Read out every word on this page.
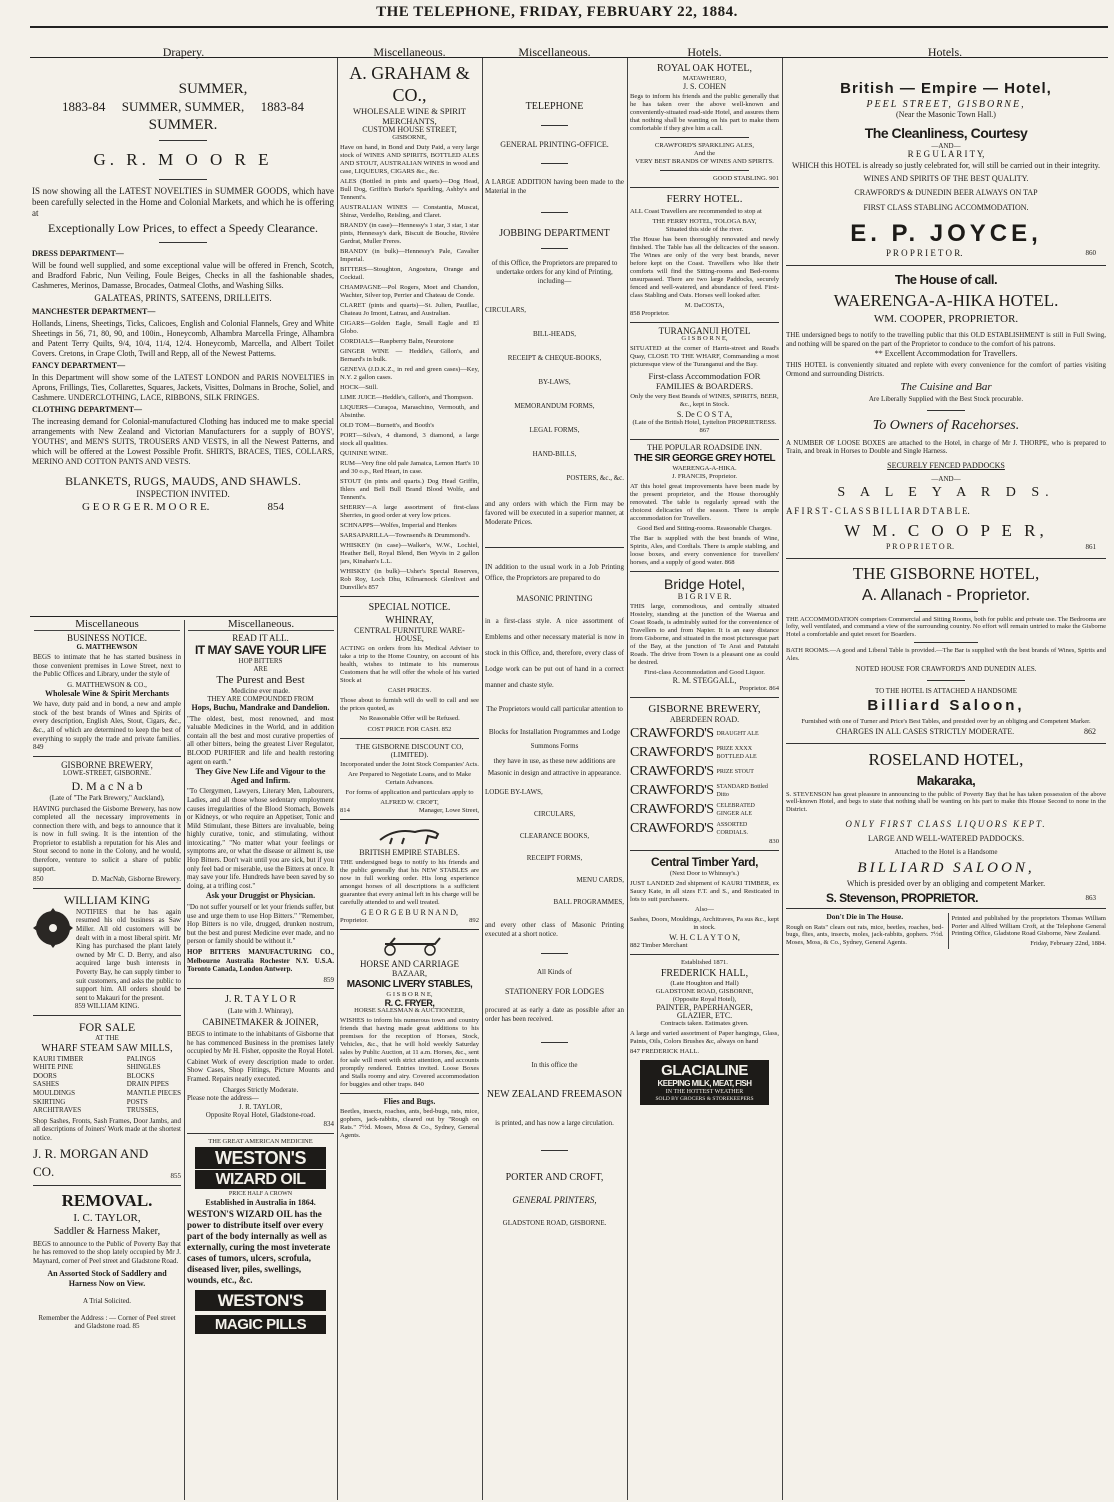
THE TELEPHONE, FRIDAY, FEBRUARY 22, 1884.
Drapery.	Miscellaneous.	Miscellaneous.	Hotels.	Hotels.
SUMMER,
1883-84 SUMMER, SUMMER, 1883-84
SUMMER.
G. R. M O O R E

IS now showing all the LATEST NOVELTIES in SUMMER GOODS, which have been carefully selected in the Home and Colonial Markets, and which he is offering at

Exceptionally Low Prices, to effect a Speedy Clearance.
DRESS DEPARTMENT—

Will be found well supplied, and some exceptional value will be offered in French, Scotch, and Bradford Fabric, Nun Veiling, Foule Beiges, Checks in all the fashionable shades, Cashmeres, Merinos, Damasse, Brocades, Oatmeal Cloths, and Washing Silks.

GALATEAS, PRINTS, SATEENS, DRILLEITS.
MANCHESTER DEPARTMENT—

Hollands, Linens, Sheetings, Ticks, Calicoes, English and Colonial Flannels, Grey and White Sheetings in 56, 71, 80, 90, and 100in., Honeycomb, Alhambra Marcella Fringe, Alhambra and Patent Terry Quilts, 9/4, 10/4, 11/4, 12/4. Honeycomb, Marcella, and Albert Toilet Covers. Cretons, in Crape Cloth, Twill and Repp, all of the Newest Patterns.

FANCY DEPARTMENT—

In this Department will show some of the LATEST LONDON and PARIS NOVELTIES in Aprons, Frillings, Ties, Collarettes, Squares, Jackets, Visittes, Dolmans in Broche, Soliel, and Cashmere. UNDERCLOTHING, LACE, RIBBONS, SILK FRINGES.

CLOTHING DEPARTMENT—

The increasing demand for Colonial-manufactured Clothing has induced me to make special arrangements with New Zealand and Victorian Manufacturers for a supply of BOYS', YOUTHS', and MEN'S SUITS, TROUSERS AND VESTS, in all the Newest Patterns, and which will be offered at the Lowest Possible Profit. SHIRTS, BRACES, TIES, COLLARS, MERINO AND COTTON PANTS AND VESTS.

BLANKETS, RUGS, MAUDS, AND SHAWLS.
INSPECTION INVITED.
G E O R G E R. M O O R E.	854
Miscellaneous	Miscellaneous.
BUSINESS NOTICE.
G. MATTHEWSON

BEGS to intimate that he has started business in those convenient premises in Lowe Street, next to the Public Offices and Library, under the style of

G. MATTHEWSON & CO.,
Wholesale Wine & Spirit Merchants

We have, duty paid and in bond, a new and ample stock of the best brands of Wines and Spirits of every description, English Ales, Stout, Cigars, &c., &c., all of which are determined to keep the best of everything to supply the trade and private families. 849

GISBORNE BREWERY,
LOWE-STREET, GISBORNE.
D. M a c N a b
(Late of "The Park Brewery," Auckland),

HAVING purchased the Gisborne Brewery, has now completed all the necessary improvements in connection there with, and begs to announce that it is now in full swing. It is the intention of the Proprietor to establish a reputation for his Ales and Stout second to none in the Colony, and he would, therefore, venture to solicit a share of public support.

850	D. MacNab, Gisborne Brewery.
WILLIAM KING

NOTIFIES that he has again resumed his old business as Saw Miller. All old customers will be dealt with in a most liberal spirit. Mr King has purchased the plant lately owned by Mr C. D. Berry, and also acquired large bush interests in Poverty Bay, he can supply timber to suit customers, and asks the public to support him. All orders should be sent to Makauri for the present.

859 WILLIAM KING.
FOR SALE
AT THE
WHARF STEAM SAW MILLS,
KAURI TIMBER
WHITE PINE
DOORS
SASHES
MOULDINGS
SKIRTING
ARCHITRAVES
PALINGS
SHINGLES
BLOCKS
DRAIN PIPES
MANTLE PIECES
POSTS
TRUSSES,

Shop Sashes, Fronts, Sash Frames, Door Jambs, and all descriptions of Joiners' Work made at the shortest notice.

J. R. MORGAN AND CO.	855
REMOVAL.
I. C. TAYLOR,
Saddler & Harness Maker,

BEGS to announce to the Public of Poverty Bay that he has removed to the shop lately occupied by Mr J. Maynard, corner of Peel street and Gladstone Road.

An Assorted Stock of Saddlery and Harness Now on View.
A Trial Solicited.

Remember the Address : — Corner of Peel street and Gladstone road. 85

READ IT ALL.
IT MAY SAVE YOUR LIFE
HOP BITTERS
ARE
The Purest and Best
Medicine ever made.
THEY ARE COMPOUNDED FROM
Hops, Buchu, Mandrake and Dandelion.

"The oldest, best, most renowned, and most valuable Medicines in the World, and in addition contain all the best and most curative properties of all other bitters, being the greatest Liver Regulator, BLOOD PURIFIER and life and health restoring agent on earth."

They Give New Life and Vigour to the Aged and Infirm.

"To Clergymen, Lawyers, Literary Men, Labourers, Ladies, and all those whose sedentary employment causes irregularities of the Blood Stomach, Bowels or Kidneys, or who require an Appetiser, Tonic and Mild Stimulant, these Bitters are invaluable, being highly curative, tonic, and stimulating, without intoxicating." "No matter what your feelings or symptoms are, or what the disease or ailment is, use Hop Bitters. Don't wait until you are sick, but if you only feel bad or miserable, use the Bitters at once. It may save your life. Hundreds have been saved by so doing, at a trifling cost."

Ask your Druggist or Physician.

"Do not suffer yourself or let your friends suffer, but use and urge them to use Hop Bitters." "Remember, Hop Bitters is no vile, drugged, drunken nostrum, but the best and purest Medicine ever made, and no person or family should be without it."

HOP BITTERS MANUFACTURING CO., Melbourne Australia Rochester N.Y. U.S.A. Toronto Canada, London Antwerp.

859
J. R. T A Y L O R
(Late with J. Whinray),
CABINETMAKER & JOINER,

BEGS to intimate to the inhabitants of Gisborne that he has commenced Business in the premises lately occupied by Mr H. Fisher, opposite the Royal Hotel.

Cabinet Work of every description made to order. Show Cases, Shop Fittings, Picture Mounts and Framed. Repairs neatly executed.

Charges Strictly Moderate.
Please note the address—
J. R. TAYLOR,
Opposite Royal Hotel, Gladstone-road.
834
THE GREAT AMERICAN MEDICINE
WESTON'S
WIZARD OIL
PRICE HALF A CROWN
Established in Australia in 1864.

WESTON'S WIZARD OIL has the power to distribute itself over every part of the body internally as well as externally, curing the most inveterate cases of tumors, ulcers, scrofula, diseased liver, piles, swellings, wounds, etc., &c.

WESTON'S
MAGIC PILLS
A. GRAHAM & CO.,
WHOLESALE WINE & SPIRIT MERCHANTS,
CUSTOM HOUSE STREET,
GISBORNE,

Have on hand, in Bond and Duty Paid, a very large stock of WINES AND SPIRITS, BOTTLED ALES AND STOUT, AUSTRALIAN WINES in wood and case, LIQUEURS, CIGARS &c., &c.

ALES (Bottled in pints and quarts)—Dog Head, Bull Dog, Griffin's Burke's Sparkling, Ashby's and Tennent's.

AUSTRALIAN WINES — Constantia, Muscat, Shiraz, Verdelho, Reisling, and Claret.

BRANDY (in case)—Hennessy's 1 star, 3 star, 1 star pints, Hennessy's dark, Biscuit de Bouche, Rivière Gardrat, Muller Freres.

BRANDY (in bulk)—Hennessy's Pale, Cavalier Imperial.

BITTERS—Stoughton, Angostura, Orange and Cocktail.

CHAMPAGNE—Pol Rogers, Moet and Chandon, Wachter, Silver top, Perrier and Chateau de Conde.

CLARET (pints and quarts)—St. Julien, Pauillac, Chateau Jo Imont, Latrau, and Australian.

CIGARS—Golden Eagle, Small Eagle and El Globo.

CORDIALS—Raspberry Balm, Neurotone

GINGER WINE — Heddle's, Gillon's, and Bernard's in bulk.

GENEVA (J.D.K.Z., in red and green cases)—Key, N.Y. 2 gallon cases.

HOCK—Still.

LIME JUICE—Heddle's, Gillon's, and Thompson.

LIQUERS—Curaçoa, Maraschino, Vermouth, and Absinthe.

OLD TOM—Burnett's, and Booth's

PORT—Silva's, 4 diamond, 3 diamond, a large stock all qualities.

QUININE WINE.

RUM—Very fine old pale Jamaica, Lemon Hart's 10 and 30 o.p., Red Heart, in case.

STOUT (in pints and quarts.) Dog Head Griffin, Ihlers and Bell Bull Brand Blood Wolfe, and Tennent's.

SHERRY—A large assortment of first-class Sherries, in good order at very low prices.

SCHNAPPS—Wolfes, Imperial and Henkes

SARSAPARILLA—Townsend's & Drummond's.

WHISKEY (in case)—Walker's, W.W., Lochiel, Heather Bell, Royal Blend, Ben Wyvis in 2 gallon jars, Kinahan's L.L.

WHISKEY (in bulk)—Usher's Special Reserves, Rob Roy, Loch Dhu, Kilmarnock Glenlivet and Dunville's 857

SPECIAL NOTICE.
WHINRAY,
CENTRAL FURNITURE WARE-HOUSE,

ACTING on orders from his Medical Adviser to take a trip to the Home Country, on account of his health, wishes to intimate to his numerous Customers that he will offer the whole of his varied Stock at

CASH PRICES.

Those about to furnish will do well to call and see the prices quoted, as

No Reasonable Offer will be Refused.
COST PRICE FOR CASH. 852

THE GISBORNE DISCOUNT CO, (LIMITED).

Incorporated under the Joint Stock Companies' Acts.

Are Prepared to Negotiate Loans, and to Make Certain Advances.

For forms of application and particulars apply to

ALFRED W. CROFT,
814	Manager, Lowe Street,
BRITISH EMPIRE STABLES.

THE undersigned begs to notify to his friends and the public generally that his NEW STABLES are now in full working order. His long experience amongst horses of all descriptions is a sufficient guarantee that every animal left in his charge will be carefully attended to and well treated.

G E O R G E B U R N A N D,
Proprietor.	892
HORSE AND CARRIAGE
BAZAAR,
MASONIC LIVERY STABLES,
G I S B O R N E,
R. C. FRYER,
HORSE SALESMAN & AUCTIONEER,

WISHES to inform his numerous town and country friends that having made great additions to his premises for the reception of Horses, Stock, Vehicles, &c., that he will hold weekly Saturday sales by Public Auction, at 11 a.m. Horses, &c., sent for sale will meet with strict attention, and accounts promptly rendered. Entries invited. Loose Boxes and Stalls roomy and airy. Covered accommodation for buggies and other traps. 840

Flies and Bugs.

Beetles, insects, roaches, ants, bed-bugs, rats, mice, gophers, jack-rabbits, cleared out by "Rough on Rats." 7½d. Moses, Moss & Co., Sydney, General Agents.

TELEPHONE
GENERAL PRINTING-OFFICE.

A LARGE ADDITION having been made to the Material in the

JOBBING DEPARTMENT

of this Office, the Proprietors are prepared to undertake orders for any kind of Printing, including—

CIRCULARS,
BILL-HEADS,
RECEIPT & CHEQUE-BOOKS,
BY-LAWS,
MEMORANDUM FORMS,
LEGAL FORMS,
HAND-BILLS,
POSTERS, &c., &c.

and any orders with which the Firm may be favored will be executed in a superior manner, at Moderate Prices.

IN addition to the usual work in a Job Printing Office, the Proprietors are prepared to do

MASONIC PRINTING

in a first-class style. A nice assortment of Emblems and other necessary material is now in stock in this Office, and, therefore, every class of Lodge work can be put out of hand in a correct manner and chaste style.

The Proprietors would call particular attention to

Blocks for Installation Programmes and Lodge Summons Forms

they have in use, as these new additions are Masonic in design and attractive in appearance.

LODGE BY-LAWS,
CIRCULARS,
CLEARANCE BOOKS,
RECEIPT FORMS,
MENU CARDS,
BALL PROGRAMMES,

and every other class of Masonic Printing executed at a short notice.

All Kinds of
STATIONERY FOR LODGES

procured at as early a date as possible after an order has been received.

In this office the
NEW ZEALAND FREEMASON
is printed, and has now a large circulation.
PORTER AND CROFT,
GENERAL PRINTERS,
GLADSTONE ROAD, GISBORNE.
ROYAL OAK HOTEL,
MATAWHERO,
J. S. COHEN

Begs to inform his friends and the public generally that he has taken over the above well-known and conveniently-situated road-side Hotel, and assures them that nothing shall be wanting on his part to make them comfortable if they give him a call.

CRAWFORD'S SPARKLING ALES,
And the
VERY BEST BRANDS OF WINES AND SPIRITS.
GOOD STABLING. 901
FERRY HOTEL.

ALL Coast Travellers are recommended to stop at

THE FERRY HOTEL, TOLOGA BAY,
Situated this side of the river.

The House has been thoroughly renovated and newly finished. The Table has all the delicacies of the season. The Wines are only of the very best brands, never before kept on the Coast. Travellers who like their comforts will find the Sitting-rooms and Bed-rooms unsurpassed. There are two large Paddocks, securely fenced and well-watered, and abundance of feed. First-class Stabling and Oats. Horses well looked after.

M. DaCOSTA,
858 Proprietor.
TURANGANUI HOTEL
G I S B O R N E,

SITUATED at the corner of Harris-street and Read's Quay, CLOSE TO THE WHARF, Commanding a most picturesque view of the Turanganui and the Bay.

First-class Accommodation FOR FAMILIES & BOARDERS.

Only the very Best Brands of WINES, SPIRITS, BEER, &c., kept in Stock.

S. De C O S T A,
(Late of the British Hotel, Lyttelton PROPRIETRESS. 867
THE POPULAR ROADSIDE INN.
THE SIR GEORGE GREY HOTEL
WAERENGA-A-HIKA.
J. FRANCIS, Proprietor.

AT this hotel great improvements have been made by the present proprietor, and the House thoroughly renovated. The table is regularly spread with the choicest delicacies of the season. There is ample accommodation for Travellers.

Good Bed and Sitting-rooms. Reasonable Charges.

The Bar is supplied with the best brands of Wine, Spirits, Ales, and Cordials. There is ample stabling, and loose boxes, and every convenience for travellers' horses, and a supply of good water. 868

Bridge Hotel,
B I G R I V E R.

THIS large, commodious, and centrally situated Hostelry, standing at the junction of the Waerua and Coast Roads, is admirably suited for the convenience of Travellers to and from Napier. It is an easy distance from Gisborne, and situated in the most picturesque part of the Bay, at the junction of Te Arai and Patutahi Roads. The drive from Town is a pleasant one as could be desired.

First-class Accommodation and Good Liquor.
R. M. STEGGALL,
Proprietor. 864
GISBORNE BREWERY,
ABERDEEN ROAD.
CRAWFORD'S DRAUGHT ALE
CRAWFORD'S PRIZE XXXX BOTTLED ALE
CRAWFORD'S PRIZE STOUT
CRAWFORD'S STANDARD Bottled Ditto
CRAWFORD'S CELEBRATED GINGER ALE
CRAWFORD'S ASSORTED CORDIALS.
830
Central Timber Yard,
(Next Door to Whinray's.)

JUST LANDED 2nd shipment of KAURI TIMBER, ex Saucy Kate, in all sizes F.T. and S., and Resticated in lots to suit purchasers.

Also—

Sashes, Doors, Mouldings, Architraves, Pa sus &c., kept in stock.

W. H. C L A Y T O N,
882 Timber Merchant
Established 1871.
FREDERICK HALL,
(Late Houghton and Hall)
GLADSTONE ROAD, GISBORNE,
(Opposite Royal Hotel),
PAINTER, PAPERHANGER,
GLAZIER, ETC.
Contracts taken. Estimates given.

A large and varied assortment of Paper hangings, Glass, Paints, Oils, Colors Brushes &c, always on hand

847 FREDERICK HALL.
GLACIALINE
KEEPING MILK, MEAT, FISH
IN THE HOTTEST WEATHER
SOLD BY GROCERS & STOREKEEPERS
British — Empire — Hotel,
PEEL STREET, GISBORNE,
(Near the Masonic Town Hall.)
The Cleanliness, Courtesy
—AND—
R E G U L A R I T Y,

WHICH this HOTEL is already so justly celebrated for, will still be carried out in their integrity.

WINES AND SPIRITS OF THE BEST QUALITY.
CRAWFORD'S & DUNEDIN BEER ALWAYS ON TAP
FIRST CLASS STABLING ACCOMMODATION.
E. P. JOYCE,
P R O P R I E T O R.	860
The House of call.
WAERENGA-A-HIKA HOTEL.
WM. COOPER, PROPRIETOR.

THE undersigned begs to notify to the travelling public that this OLD ESTABLISHMENT is still in Full Swing, and nothing will be spared on the part of the Proprietor to conduce to the comfort of his patrons.

** Excellent Accommodation for Travellers.

THIS HOTEL is conveniently situated and replete with every convenience for the comfort of parties visiting Ormond and surrounding Districts.

The Cuisine and Bar
Are Liberally Supplied with the Best Stock procurable.
To Owners of Racehorses.

A NUMBER OF LOOSE BOXES are attached to the Hotel, in charge of Mr J. THORPE, who is prepared to Train, and break in Horses to Double and Single Harness.

SECURELY FENCED PADDOCKS
—AND—
S A L E Y A R D S.
A F I R S T - C L A S S B I L L I A R D T A B L E.
W M. C O O P E R,
P R O P R I E T O R.	861
THE GISBORNE HOTEL,
A. Allanach - Proprietor.

THE ACCOMMODATION comprises Commercial and Sitting Rooms, both for public and private use. The Bedrooms are lofty, well ventilated, and command a view of the surrounding country. No effort will remain untried to make the Gisborne Hotel a comfortable and quiet resort for Boarders.

BATH ROOMS.—A good and Liberal Table is provided.—The Bar is supplied with the best brands of Wines, Spirits and Ales.

NOTED HOUSE FOR CRAWFORD'S AND DUNEDIN ALES.
TO THE HOTEL IS ATTACHED A HANDSOME
Billiard Saloon,

Furnished with one of Turner and Price's Best Tables, and presided over by an obliging and Competent Marker.

CHARGES IN ALL CASES STRICTLY MODERATE.	862
ROSELAND HOTEL,
Makaraka,

S. STEVENSON has great pleasure in announcing to the public of Poverty Bay that he has taken possession of the above well-known Hotel, and begs to state that nothing shall be wanting on his part to make this House Second to none in the District.

ONLY FIRST CLASS LIQUORS KEPT.
LARGE AND WELL-WATERED PADDOCKS.
Attached to the Hotel is a Handsome
BILLIARD SALOON,
Which is presided over by an obliging and competent Marker.
S. Stevenson, PROPRIETOR.	863
Don't Die in The House.

Rough on Rats" clears out rats, mice, beetles, roaches, bed-bugs, flies, ants, insects, moles, jack-rabbits, gophers. 7½d. Moses, Moss, & Co., Sydney, General Agents.

Printed and published by the proprietors Thomas William Porter and Alfred William Croft, at the Telephone General Printing Office, Gladstone Road Gisborne, New Zealand.

Friday, February 22nd, 1884.
